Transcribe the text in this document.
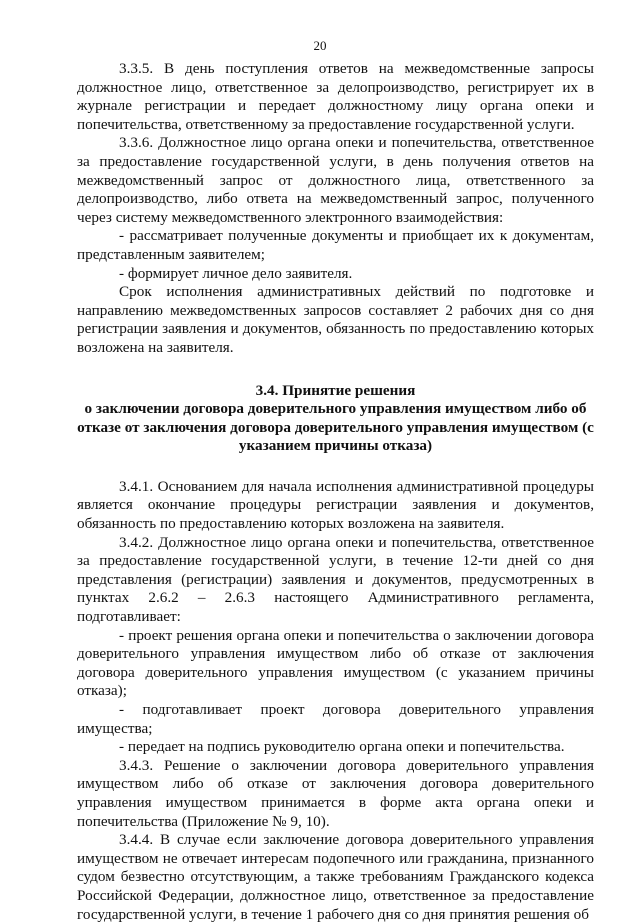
20

3.3.5. В день поступления ответов на межведомственные запросы должностное лицо, ответственное за делопроизводство, регистрирует их в журнале регистрации и передает должностному лицу органа опеки и попечительства, ответственному за предоставление государственной услуги.

3.3.6. Должностное лицо органа опеки и попечительства, ответственное за предоставление государственной услуги, в день получения ответов на межведомственный запрос от должностного лица, ответственного за делопроизводство, либо ответа на межведомственный запрос, полученного через систему межведомственного электронного взаимодействия:

- рассматривает полученные документы и приобщает их к документам, представленным заявителем;

- формирует личное дело заявителя.

Срок исполнения административных действий по подготовке и направлению межведомственных запросов составляет 2 рабочих дня со дня регистрации заявления и документов, обязанность по предоставлению которых возложена на заявителя.

3.4. Принятие решения

о заключении договора доверительного управления имуществом либо об отказе от заключения договора доверительного управления имуществом (с указанием причины отказа)

3.4.1. Основанием для начала исполнения административной процедуры является окончание процедуры регистрации заявления и документов, обязанность по предоставлению которых возложена на заявителя.

3.4.2. Должностное лицо органа опеки и попечительства, ответственное за предоставление государственной услуги, в течение 12-ти дней со дня представления (регистрации) заявления и документов, предусмотренных в пунктах 2.6.2 – 2.6.3 настоящего Административного регламента, подготавливает:

- проект решения органа опеки и попечительства о заключении договора доверительного управления имуществом либо об отказе от заключения договора доверительного управления имуществом (с указанием причины отказа);

- подготавливает проект договора доверительного управления имущества;

- передает на подпись руководителю органа опеки и попечительства.

3.4.3. Решение о заключении договора доверительного управления имуществом либо об отказе от заключения договора доверительного управления имуществом принимается в форме акта органа опеки и попечительства (Приложение № 9, 10).

3.4.4. В случае если заключение договора доверительного управления имуществом не отвечает интересам подопечного или гражданина, признанного судом безвестно отсутствующим, а также требованиям Гражданского кодекса Российской Федерации, должностное лицо, ответственное за предоставление государственной услуги, в течение 1 рабочего дня со дня принятия решения об
